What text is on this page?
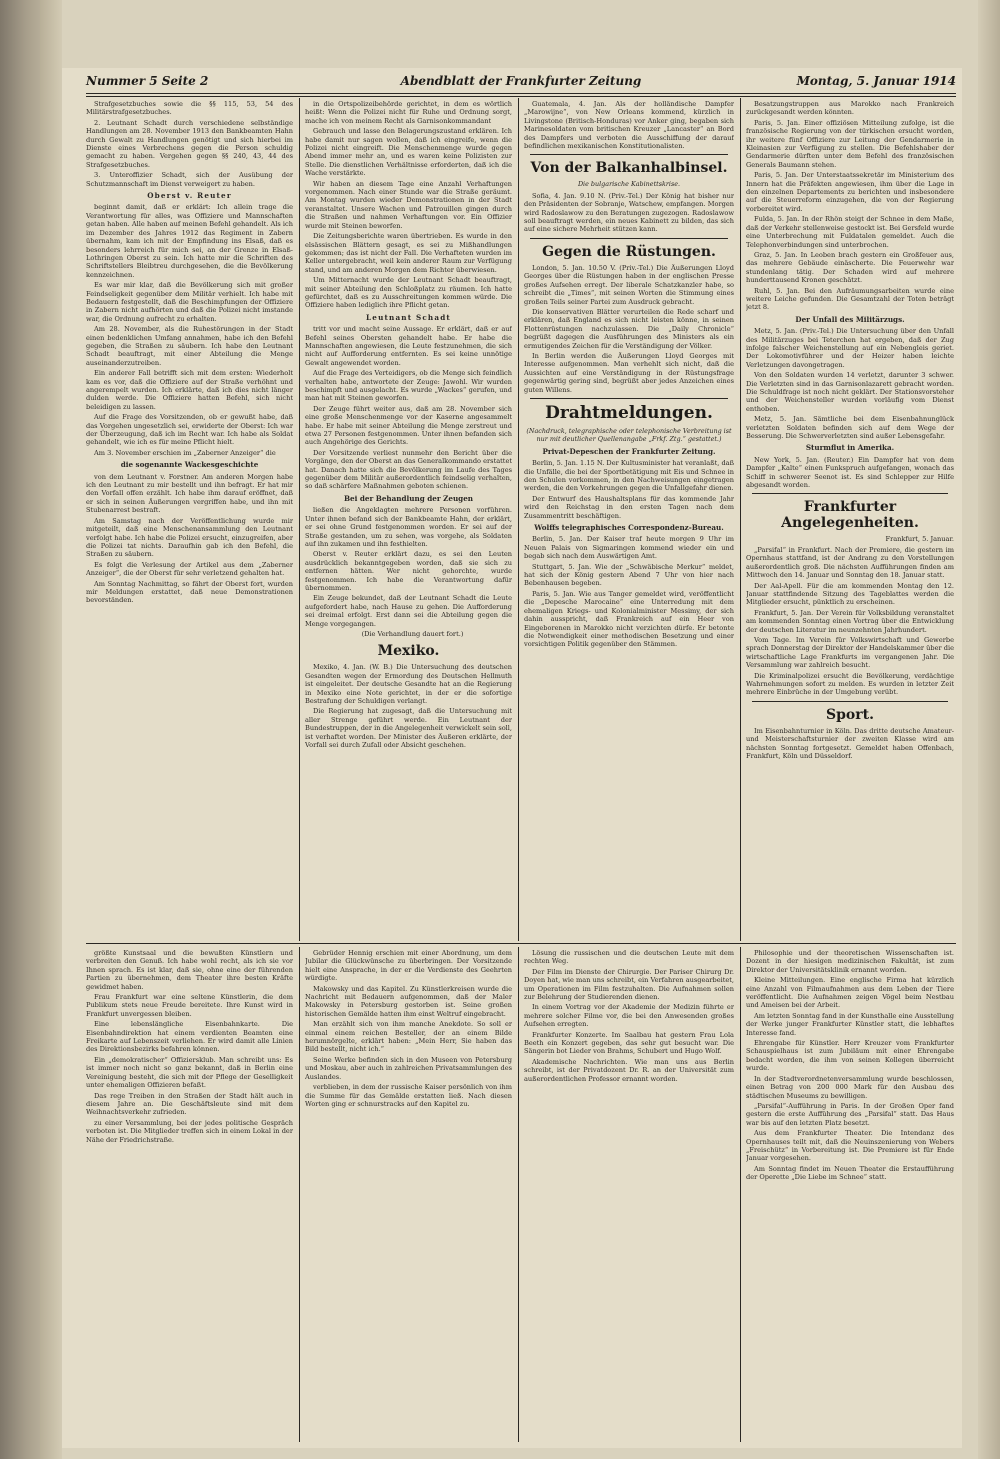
Nummer 5 Seite 2	Abendblatt der Frankfurter Zeitung	Montag, 5. Januar 1914

Strafgesetzbuches sowie die §§ 115, 53, 54 des Militärstrafgesetzbuches.

2. Leutnant Schadt durch verschiedene selbständige Handlungen am 28. November 1913 den Bankbeamten Hahn durch Gewalt zu Handlungen genötigt und sich hierbei im Dienste eines Verbrechens gegen die Person schuldig gemacht zu haben. Vergehen gegen §§ 240, 43, 44 des Strafgesetzbuches.

3. Unteroffizier Schadt, sich der Ausübung der Schutzmannschaft im Dienst verweigert zu haben.

Oberst v. Reuter

beginnt damit, daß er erklärt: Ich allein trage die Verantwortung für alles, was Offiziere und Mannschaften getan haben. Alle haben auf meinen Befehl gehandelt. Als ich im Dezember des Jahres 1912 das Regiment in Zabern übernahm, kam ich mit der Empfindung ins Elsaß, daß es besonders lehrreich für mich sei, an der Grenze in Elsaß-Lothringen Oberst zu sein. Ich hatte mir die Schriften des Schriftstellers Bleibtreu durchgesehen, die die Bevölkerung kennzeichnen.

Es war mir klar, daß die Bevölkerung sich mit großer Feindseligkeit gegenüber dem Militär verhielt. Ich habe mit Bedauern festgestellt, daß die Beschimpfungen der Offiziere in Zabern nicht aufhörten und daß die Polizei nicht imstande war, die Ordnung aufrecht zu erhalten.

Am 28. November, als die Ruhestörungen in der Stadt einen bedenklichen Umfang annahmen, habe ich den Befehl gegeben, die Straßen zu säubern. Ich habe den Leutnant Schadt beauftragt, mit einer Abteilung die Menge auseinanderzutreiben.

Ein anderer Fall betrifft sich mit dem ersten: Wiederholt kam es vor, daß die Offiziere auf der Straße verhöhnt und angerempelt wurden. Ich erklärte, daß ich dies nicht länger dulden werde. Die Offiziere hatten Befehl, sich nicht beleidigen zu lassen.

Auf die Frage des Vorsitzenden, ob er gewußt habe, daß das Vorgehen ungesetzlich sei, erwiderte der Oberst: Ich war der Überzeugung, daß ich im Recht war. Ich habe als Soldat gehandelt, wie ich es für meine Pflicht hielt.

Am 3. November erschien im „Zaberner Anzeiger“ die

die sogenannte Wackesgeschichte

von dem Leutnant v. Forstner. Am anderen Morgen habe ich den Leutnant zu mir bestellt und ihn befragt. Er hat mir den Vorfall offen erzählt. Ich habe ihm darauf eröffnet, daß er sich in seinen Äußerungen vergriffen habe, und ihn mit Stubenarrest bestraft.

Am Samstag nach der Veröffentlichung wurde mir mitgeteilt, daß eine Menschenansammlung den Leutnant verfolgt habe. Ich habe die Polizei ersucht, einzugreifen, aber die Polizei tat nichts. Daraufhin gab ich den Befehl, die Straßen zu säubern.

Es folgt die Verlesung der Artikel aus dem „Zaberner Anzeiger“, die der Oberst für sehr verletzend gehalten hat.

Am Sonntag Nachmittag, so fährt der Oberst fort, wurden mir Meldungen erstattet, daß neue Demonstrationen bevorständen.

in die Ortspolizeibehörde gerichtet, in dem es wörtlich heißt: Wenn die Polizei nicht für Ruhe und Ordnung sorgt, mache ich von meinem Recht als Garnisonkommandant

Gebrauch und lasse den Belagerungszustand erklären. Ich habe damit nur sagen wollen, daß ich eingreife, wenn die Polizei nicht eingreift. Die Menschenmenge wurde gegen Abend immer mehr an, und es waren keine Polizisten zur Stelle. Die dienstlichen Verhältnisse erforderten, daß ich die Wache verstärkte.

Wir haben an diesem Tage eine Anzahl Verhaftungen vorgenommen. Nach einer Stunde war die Straße geräumt. Am Montag wurden wieder Demonstrationen in der Stadt veranstaltet. Unsere Wachen und Patrouillen gingen durch die Straßen und nahmen Verhaftungen vor. Ein Offizier wurde mit Steinen beworfen.

Die Zeitungsberichte waren übertrieben. Es wurde in den elsässischen Blättern gesagt, es sei zu Mißhandlungen gekommen; das ist nicht der Fall. Die Verhafteten wurden im Keller untergebracht, weil kein anderer Raum zur Verfügung stand, und am anderen Morgen dem Richter überwiesen.

Um Mitternacht wurde der Leutnant Schadt beauftragt, mit seiner Abteilung den Schloßplatz zu räumen. Ich hatte gefürchtet, daß es zu Ausschreitungen kommen würde. Die Offiziere haben lediglich ihre Pflicht getan.

Leutnant Schadt

tritt vor und macht seine Aussage. Er erklärt, daß er auf Befehl seines Obersten gehandelt habe. Er habe die Mannschaften angewiesen, die Leute festzunehmen, die sich nicht auf Aufforderung entfernten. Es sei keine unnötige Gewalt angewendet worden.

Auf die Frage des Verteidigers, ob die Menge sich feindlich verhalten habe, antwortete der Zeuge: Jawohl. Wir wurden beschimpft und ausgelacht. Es wurde „Wackes“ gerufen, und man hat mit Steinen geworfen.

Der Zeuge führt weiter aus, daß am 28. November sich eine große Menschenmenge vor der Kaserne angesammelt habe. Er habe mit seiner Abteilung die Menge zerstreut und etwa 27 Personen festgenommen. Unter ihnen befanden sich auch Angehörige des Gerichts.

Der Vorsitzende verliest nunmehr den Bericht über die Vorgänge, den der Oberst an das Generalkommando erstattet hat. Danach hatte sich die Bevölkerung im Laufe des Tages gegenüber dem Militär außerordentlich feindselig verhalten, so daß schärfere Maßnahmen geboten schienen.

Bei der Behandlung der Zeugen

ließen die Angeklagten mehrere Personen vorführen. Unter ihnen befand sich der Bankbeamte Hahn, der erklärt, er sei ohne Grund festgenommen worden. Er sei auf der Straße gestanden, um zu sehen, was vorgehe, als Soldaten auf ihn zukamen und ihn festhielten.

Oberst v. Reuter erklärt dazu, es sei den Leuten ausdrücklich bekanntgegeben worden, daß sie sich zu entfernen hätten. Wer nicht gehorchte, wurde festgenommen. Ich habe die Verantwortung dafür übernommen.

Ein Zeuge bekundet, daß der Leutnant Schadt die Leute aufgefordert habe, nach Hause zu gehen. Die Aufforderung sei dreimal erfolgt. Erst dann sei die Abteilung gegen die Menge vorgegangen.

(Die Verhandlung dauert fort.)

Mexiko.

Mexiko, 4. Jan. (W. B.) Die Untersuchung des deutschen Gesandten wegen der Ermordung des Deutschen Hellmuth ist eingeleitet. Der deutsche Gesandte hat an die Regierung in Mexiko eine Note gerichtet, in der er die sofortige Bestrafung der Schuldigen verlangt.

Die Regierung hat zugesagt, daß die Untersuchung mit aller Strenge geführt werde. Ein Leutnant der Bundestruppen, der in die Angelegenheit verwickelt sein soll, ist verhaftet worden. Der Minister des Äußeren erklärte, der Vorfall sei durch Zufall oder Absicht geschehen.

Guatemala, 4. Jan. Als der holländische Dampfer „Marowijne“, von New Orleans kommend, kürzlich in Livingstone (Britisch-Honduras) vor Anker ging, begaben sich Marinesoldaten vom britischen Kreuzer „Lancaster“ an Bord des Dampfers und verboten die Ausschiffung der darauf befindlichen mexikanischen Konstitutionalisten.

Von der Balkanhalbinsel.
Die bulgarische Kabinettskrise.

Sofia, 4. Jan. 9.10 N. (Priv.-Tel.) Der König hat bisher nur den Präsidenten der Sobranje, Watschew, empfangen. Morgen wird Radoslawow zu den Beratungen zugezogen. Radoslawow soll beauftragt werden, ein neues Kabinett zu bilden, das sich auf eine sichere Mehrheit stützen kann.

Gegen die Rüstungen.

London, 5. Jan. 10.50 V. (Priv.-Tel.) Die Äußerungen Lloyd Georges über die Rüstungen haben in der englischen Presse großes Aufsehen erregt. Der liberale Schatzkanzler habe, so schreibt die „Times“, mit seinen Worten die Stimmung eines großen Teils seiner Partei zum Ausdruck gebracht.

Die konservativen Blätter verurteilen die Rede scharf und erklären, daß England es sich nicht leisten könne, in seinen Flottenrüstungen nachzulassen. Die „Daily Chronicle“ begrüßt dagegen die Ausführungen des Ministers als ein ermutigendes Zeichen für die Verständigung der Völker.

In Berlin werden die Äußerungen Lloyd Georges mit Interesse aufgenommen. Man verhehlt sich nicht, daß die Aussichten auf eine Verständigung in der Rüstungsfrage gegenwärtig gering sind, begrüßt aber jedes Anzeichen eines guten Willens.

Drahtmeldungen.
(Nachdruck, telegraphische oder telephonische Verbreitung ist nur mit deutlicher Quellenangabe „Frkf. Ztg.“ gestattet.)
Privat-Depeschen der Frankfurter Zeitung.

Berlin, 5. Jan. 1.15 N. Der Kultusminister hat veranlaßt, daß die Unfälle, die bei der Sportbetätigung mit Eis und Schnee in den Schulen vorkommen, in den Nachweisungen eingetragen werden, die den Vorkehrungen gegen die Unfallgefahr dienen.

Der Entwurf des Haushaltsplans für das kommende Jahr wird den Reichstag in den ersten Tagen nach dem Zusammentritt beschäftigen.

Wolffs telegraphisches Correspondenz-Bureau.

Berlin, 5. Jan. Der Kaiser traf heute morgen 9 Uhr im Neuen Palais von Sigmaringen kommend wieder ein und begab sich nach dem Auswärtigen Amt.

Stuttgart, 5. Jan. Wie der „Schwäbische Merkur“ meldet, hat sich der König gestern Abend 7 Uhr von hier nach Bebenhausen begeben.

Paris, 5. Jan. Wie aus Tanger gemeldet wird, veröffentlicht die „Depesche Marocaine“ eine Unterredung mit dem ehemaligen Kriegs- und Kolonialminister Messimy, der sich dahin ausspricht, daß Frankreich auf ein Heer von Eingeborenen in Marokko nicht verzichten dürfe. Er betonte die Notwendigkeit einer methodischen Besetzung und einer vorsichtigen Politik gegenüber den Stämmen.

Besatzungstruppen aus Marokko nach Frankreich zurückgesandt werden könnten.

Paris, 5. Jan. Einer offiziösen Mitteilung zufolge, ist die französische Regierung von der türkischen ersucht worden, ihr weitere fünf Offiziere zur Leitung der Gendarmerie in Kleinasien zur Verfügung zu stellen. Die Befehlshaber der Gendarmerie dürften unter dem Befehl des französischen Generals Baumann stehen.

Paris, 5. Jan. Der Unterstaatssekretär im Ministerium des Innern hat die Präfekten angewiesen, ihm über die Lage in den einzelnen Departements zu berichten und insbesondere auf die Steuerreform einzugehen, die von der Regierung vorbereitet wird.

Fulda, 5. Jan. In der Rhön steigt der Schnee in dem Maße, daß der Verkehr stellenweise gestockt ist. Bei Gersfeld wurde eine Unterbrechung mit Fuldatalen gemeldet. Auch die Telephonverbindungen sind unterbrochen.

Graz, 5. Jan. In Leoben brach gestern ein Großfeuer aus, das mehrere Gebäude einäscherte. Die Feuerwehr war stundenlang tätig. Der Schaden wird auf mehrere hunderttausend Kronen geschätzt.

Ruhl, 5. Jan. Bei den Aufräumungsarbeiten wurde eine weitere Leiche gefunden. Die Gesamtzahl der Toten beträgt jetzt 8.

Der Unfall des Militärzugs.

Metz, 5. Jan. (Priv.-Tel.) Die Untersuchung über den Unfall des Militärzuges bei Teterchen hat ergeben, daß der Zug infolge falscher Weichenstellung auf ein Nebengleis geriet. Der Lokomotivführer und der Heizer haben leichte Verletzungen davongetragen.

Von den Soldaten wurden 14 verletzt, darunter 3 schwer. Die Verletzten sind in das Garnisonlazarett gebracht worden. Die Schuldfrage ist noch nicht geklärt. Der Stationsvorsteher und der Weichensteller wurden vorläufig vom Dienst enthoben.

Metz, 5. Jan. Sämtliche bei dem Eisenbahnunglück verletzten Soldaten befinden sich auf dem Wege der Besserung. Die Schwerverletzten sind außer Lebensgefahr.

Sturmflut in Amerika.

New York, 5. Jan. (Reuter.) Ein Dampfer hat von dem Dampfer „Kalte“ einen Funkspruch aufgefangen, wonach das Schiff in schwerer Seenot ist. Es sind Schlepper zur Hilfe abgesandt worden.

Frankfurter Angelegenheiten.

Frankfurt, 5. Januar.

„Parsifal“ in Frankfurt. Nach der Premiere, die gestern im Opernhaus stattfand, ist der Andrang zu den Vorstellungen außerordentlich groß. Die nächsten Aufführungen finden am Mittwoch den 14. Januar und Sonntag den 18. Januar statt.

Der Aal-Apell. Für die am kommenden Montag den 12. Januar stattfindende Sitzung des Tageblattes werden die Mitglieder ersucht, pünktlich zu erscheinen.

Frankfurt, 5. Jan. Der Verein für Volksbildung veranstaltet am kommenden Sonntag einen Vortrag über die Entwicklung der deutschen Literatur im neunzehnten Jahrhundert.

Vom Tage. Im Verein für Volkswirtschaft und Gewerbe sprach Donnerstag der Direktor der Handelskammer über die wirtschaftliche Lage Frankfurts im vergangenen Jahr. Die Versammlung war zahlreich besucht.

Die Kriminalpolizei ersucht die Bevölkerung, verdächtige Wahrnehmungen sofort zu melden. Es wurden in letzter Zeit mehrere Einbrüche in der Umgebung verübt.

Sport.

Im Eisenbahnturnier in Köln. Das dritte deutsche Amateur- und Meisterschaftsturnier der zweiten Klasse wird am nächsten Sonntag fortgesetzt. Gemeldet haben Offenbach, Frankfurt, Köln und Düsseldorf.

größte Kunstsaal und die bewußten Künstlern und verbreiten den Genuß. Ich habe wohl recht, als ich sie vor Ihnen sprach. Es ist klar, daß sie, ohne eine der führenden Partien zu übernehmen, dem Theater ihre besten Kräfte gewidmet haben.

Frau Frankfurt war eine seltene Künstlerin, die dem Publikum stets neue Freude bereitete. Ihre Kunst wird in Frankfurt unvergessen bleiben.

Eine lebenslängliche Eisenbahnkarte. Die Eisenbahndirektion hat einem verdienten Beamten eine Freikarte auf Lebenszeit verliehen. Er wird damit alle Linien des Direktionsbezirks befahren können.

Ein „demokratischer“ Offiziersklub. Man schreibt uns: Es ist immer noch nicht so ganz bekannt, daß in Berlin eine Vereinigung besteht, die sich mit der Pflege der Geselligkeit unter ehemaligen Offizieren befaßt.

Das rege Treiben in den Straßen der Stadt hält auch in diesem Jahre an. Die Geschäftsleute sind mit dem Weihnachtsverkehr zufrieden.

zu einer Versammlung, bei der jedes politische Gespräch verboten ist. Die Mitglieder treffen sich in einem Lokal in der Nähe der Friedrichstraße.

Gebrüder Hennig erschien mit einer Abordnung, um dem Jubilar die Glückwünsche zu überbringen. Der Vorsitzende hielt eine Ansprache, in der er die Verdienste des Geehrten würdigte.

Makowsky und das Kapitel. Zu Künstlerkreisen wurde die Nachricht mit Bedauern aufgenommen, daß der Maler Makowsky in Petersburg gestorben ist. Seine großen historischen Gemälde hatten ihm einst Weltruf eingebracht.

Man erzählt sich von ihm manche Anekdote. So soll er einmal einem reichen Besteller, der an einem Bilde herumnörgelte, erklärt haben: „Mein Herr, Sie haben das Bild bestellt, nicht ich.“

Seine Werke befinden sich in den Museen von Petersburg und Moskau, aber auch in zahlreichen Privatsammlungen des Auslandes.

verblieben, in dem der russische Kaiser persönlich von ihm die Summe für das Gemälde erstatten ließ. Nach diesen Worten ging er schnurstracks auf den Kapitel zu.

Lösung die russischen und die deutschen Leute mit dem rechten Weg.

Der Film im Dienste der Chirurgie. Der Pariser Chirurg Dr. Doyen hat, wie man uns schreibt, ein Verfahren ausgearbeitet, um Operationen im Film festzuhalten. Die Aufnahmen sollen zur Belehrung der Studierenden dienen.

In einem Vortrag vor der Akademie der Medizin führte er mehrere solcher Filme vor, die bei den Anwesenden großes Aufsehen erregten.

Frankfurter Konzerte. Im Saalbau hat gestern Frau Lola Beeth ein Konzert gegeben, das sehr gut besucht war. Die Sängerin bot Lieder von Brahms, Schubert und Hugo Wolf.

Akademische Nachrichten. Wie man uns aus Berlin schreibt, ist der Privatdozent Dr. R. an der Universität zum außerordentlichen Professor ernannt worden.

Philosophie und der theoretischen Wissenschaften ist. Dozent in der hiesigen medizinischen Fakultät, ist zum Direktor der Universitätsklinik ernannt worden.

Kleine Mitteilungen. Eine englische Firma hat kürzlich eine Anzahl von Filmaufnahmen aus dem Leben der Tiere veröffentlicht. Die Aufnahmen zeigen Vögel beim Nestbau und Ameisen bei der Arbeit.

Am letzten Sonntag fand in der Kunsthalle eine Ausstellung der Werke junger Frankfurter Künstler statt, die lebhaftes Interesse fand.

Ehrengabe für Künstler. Herr Kreuzer vom Frankfurter Schauspielhaus ist zum Jubiläum mit einer Ehrengabe bedacht worden, die ihm von seinen Kollegen überreicht wurde.

In der Stadtverordnetenversammlung wurde beschlossen, einen Betrag von 200 000 Mark für den Ausbau des städtischen Museums zu bewilligen.

„Parsifal“-Aufführung in Paris. In der Großen Oper fand gestern die erste Aufführung des „Parsifal“ statt. Das Haus war bis auf den letzten Platz besetzt.

Aus dem Frankfurter Theater. Die Intendanz des Opernhauses teilt mit, daß die Neuinszenierung von Webers „Freischütz“ in Vorbereitung ist. Die Premiere ist für Ende Januar vorgesehen.

Am Sonntag findet im Neuen Theater die Erstaufführung der Operette „Die Liebe im Schnee“ statt.
